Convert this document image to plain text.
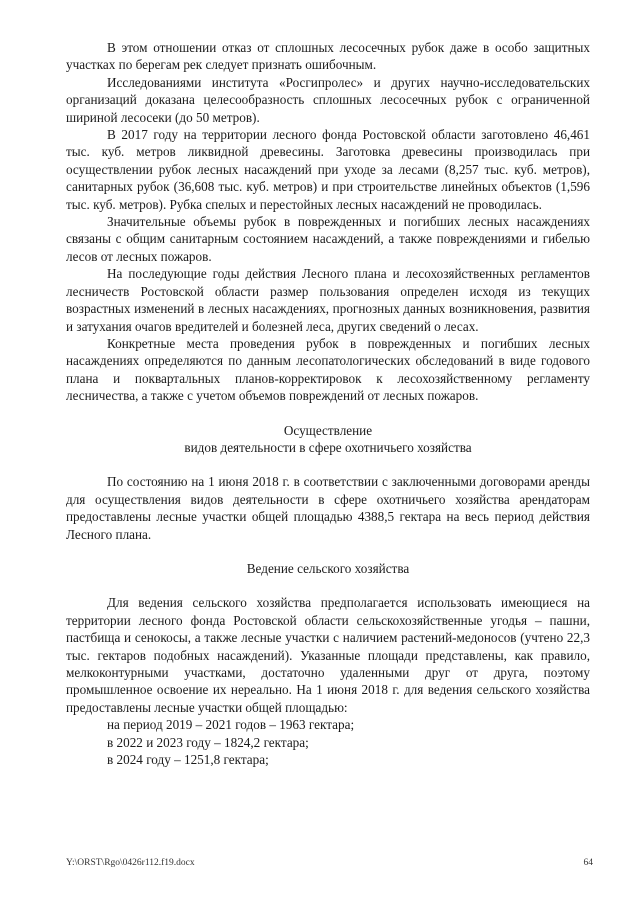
В этом отношении отказ от сплошных лесосечных рубок даже в особо защитных участках по берегам рек следует признать ошибочным.

Исследованиями института «Росгипролес» и других научно-исследовательских организаций доказана целесообразность сплошных лесосечных рубок с ограниченной шириной лесосеки (до 50 метров).

В 2017 году на территории лесного фонда Ростовской области заготовлено 46,461 тыс. куб. метров ликвидной древесины. Заготовка древесины производилась при осуществлении рубок лесных насаждений при уходе за лесами (8,257 тыс. куб. метров), санитарных рубок (36,608 тыс. куб. метров) и при строительстве линейных объектов (1,596 тыс. куб. метров). Рубка спелых и перестойных лесных насаждений не проводилась.

Значительные объемы рубок в поврежденных и погибших лесных насаждениях связаны с общим санитарным состоянием насаждений, а также повреждениями и гибелью лесов от лесных пожаров.

На последующие годы действия Лесного плана и лесохозяйственных регламентов лесничеств Ростовской области размер пользования определен исходя из текущих возрастных изменений в лесных насаждениях, прогнозных данных возникновения, развития и затухания очагов вредителей и болезней леса, других сведений о лесах.

Конкретные места проведения рубок в поврежденных и погибших лесных насаждениях определяются по данным лесопатологических обследований в виде годового плана и поквартальных планов-корректировок к лесохозяйственному регламенту лесничества, а также с учетом объемов повреждений от лесных пожаров.

Осуществление

видов деятельности в сфере охотничьего хозяйства

По состоянию на 1 июня 2018 г. в соответствии с заключенными договорами аренды для осуществления видов деятельности в сфере охотничьего хозяйства арендаторам предоставлены лесные участки общей площадью 4388,5 гектара на весь период действия Лесного плана.

Ведение сельского хозяйства

Для ведения сельского хозяйства предполагается использовать имеющиеся на территории лесного фонда Ростовской области сельскохозяйственные угодья – пашни, пастбища и сенокосы, а также лесные участки с наличием растений-медоносов (учтено 22,3 тыс. гектаров подобных насаждений). Указанные площади представлены, как правило, мелкоконтурными участками, достаточно удаленными друг от друга, поэтому промышленное освоение их нереально. На 1 июня 2018 г. для ведения сельского хозяйства предоставлены лесные участки общей площадью:

на период 2019 – 2021 годов – 1963 гектара;

в 2022 и 2023 году – 1824,2 гектара;

в 2024 году – 1251,8 гектара;

Y:\ORST\Rgo\0426r112.f19.docx	64
